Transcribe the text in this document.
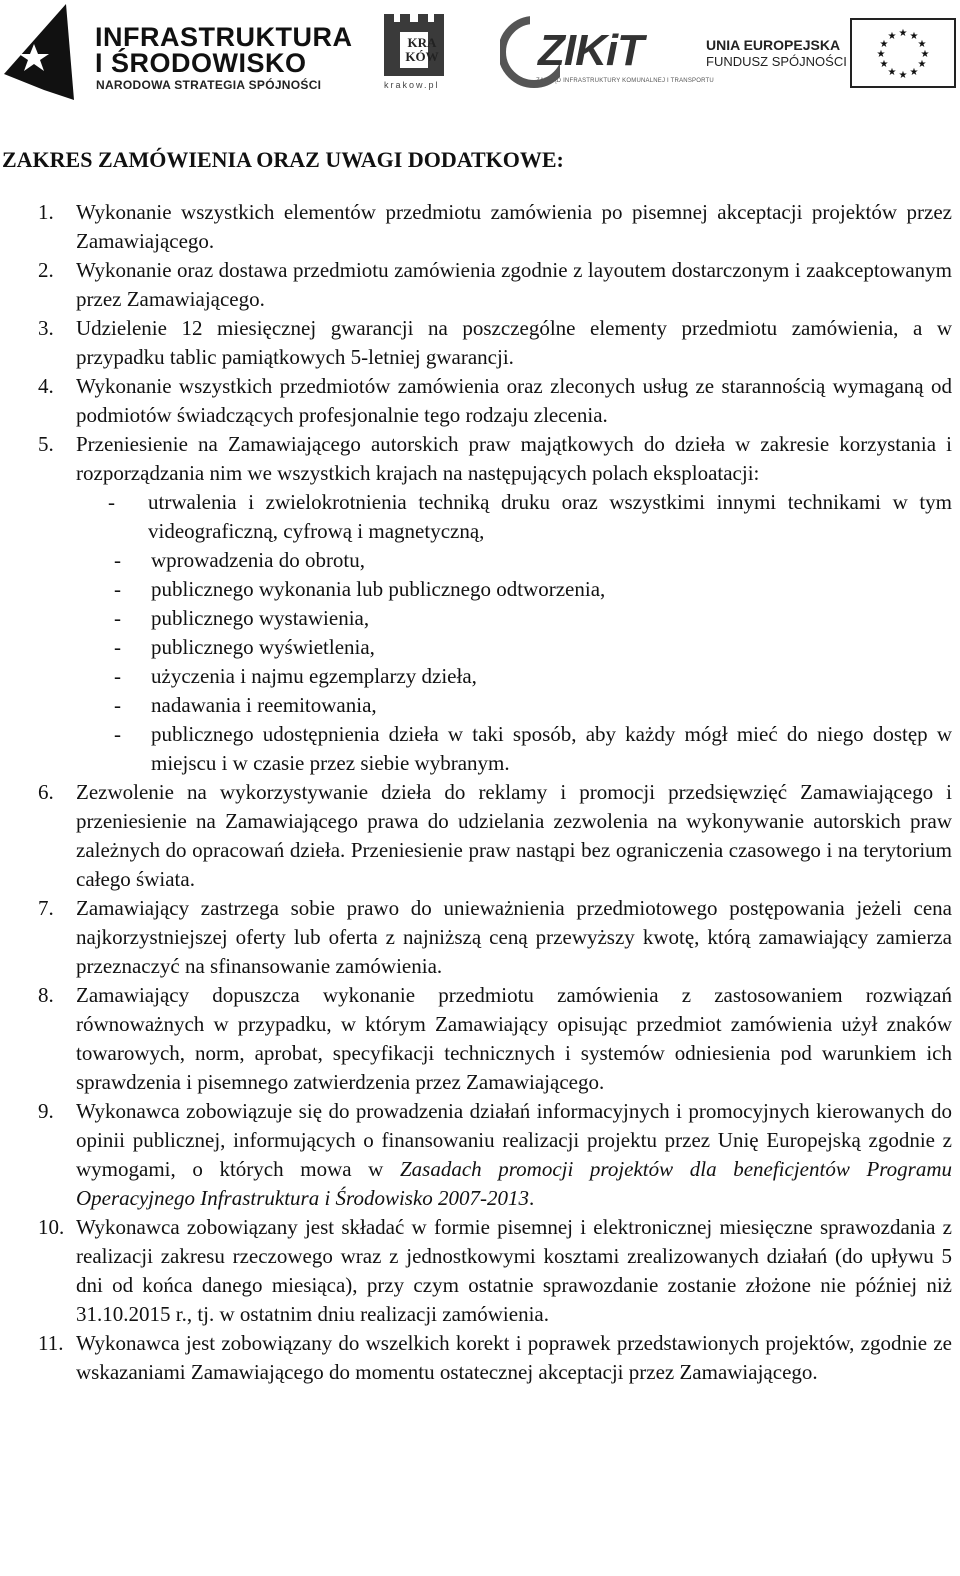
INFRASTRUKTURA
I ŚRODOWISKO
NARODOWA STRATEGIA SPÓJNOŚCI
KRA KÓW
krakow.pl
ZIKiT
ZARZĄD INFRASTRUKTURY KOMUNALNEJ I TRANSPORTU
UNIA EUROPEJSKA
FUNDUSZ SPÓJNOŚCI
★ ★
★
★
★
★
★
★
★
★
★
★
ZAKRES ZAMÓWIENIA ORAZ UWAGI DODATKOWE:
1. Wykonanie wszystkich elementów przedmiotu zamówienia po pisemnej akceptacji projektów przez Zamawiającego.
2. Wykonanie oraz dostawa przedmiotu zamówienia zgodnie z layoutem dostarczonym i zaakceptowanym przez Zamawiającego.
3. Udzielenie 12 miesięcznej gwarancji na poszczególne elementy przedmiotu zamówienia, a w przypadku tablic pamiątkowych 5-letniej gwarancji.
4. Wykonanie wszystkich przedmiotów zamówienia oraz zleconych usług ze starannością wymaganą od podmiotów świadczących profesjonalnie tego rodzaju zlecenia.
5. Przeniesienie na Zamawiającego autorskich praw majątkowych do dzieła w zakresie korzystania i rozporządzania nim we wszystkich krajach na następujących polach eksploatacji:
- utrwalenia i zwielokrotnienia techniką druku oraz wszystkimi innymi technikami w tym videograficzną, cyfrową i magnetyczną,
- wprowadzenia do obrotu,
- publicznego wykonania lub publicznego odtworzenia,
- publicznego wystawienia,
- publicznego wyświetlenia,
- użyczenia i najmu egzemplarzy dzieła,
- nadawania i reemitowania,
- publicznego udostępnienia dzieła w taki sposób, aby każdy mógł mieć do niego dostęp w miejscu i w czasie przez siebie wybranym.
6. Zezwolenie na wykorzystywanie dzieła do reklamy i promocji przedsięwzięć Zamawiającego i przeniesienie na Zamawiającego prawa do udzielania zezwolenia na wykonywanie autorskich praw zależnych do opracowań dzieła. Przeniesienie praw nastąpi bez ograniczenia czasowego i na terytorium całego świata.
7. Zamawiający zastrzega sobie prawo do unieważnienia przedmiotowego postępowania jeżeli cena najkorzystniejszej oferty lub oferta z najniższą ceną przewyższy kwotę, którą zamawiający zamierza przeznaczyć na sfinansowanie zamówienia.
8. Zamawiający dopuszcza wykonanie przedmiotu zamówienia z zastosowaniem rozwiązań równoważnych w przypadku, w którym Zamawiający opisując przedmiot zamówienia użył znaków towarowych, norm, aprobat, specyfikacji technicznych i systemów odniesienia pod warunkiem ich sprawdzenia i pisemnego zatwierdzenia przez Zamawiającego.
9. Wykonawca zobowiązuje się do prowadzenia działań informacyjnych i promocyjnych kierowanych do opinii publicznej, informujących o finansowaniu realizacji projektu przez Unię Europejską zgodnie z wymogami, o których mowa w Zasadach promocji projektów dla beneficjentów Programu Operacyjnego Infrastruktura i Środowisko 2007-2013.
10. Wykonawca zobowiązany jest składać w formie pisemnej i elektronicznej miesięczne sprawozdania z realizacji zakresu rzeczowego wraz z jednostkowymi kosztami zrealizowanych działań (do upływu 5 dni od końca danego miesiąca), przy czym ostatnie sprawozdanie zostanie złożone nie później niż 31.10.2015 r., tj. w ostatnim dniu realizacji zamówienia.
11. Wykonawca jest zobowiązany do wszelkich korekt i poprawek przedstawionych projektów, zgodnie ze wskazaniami Zamawiającego do momentu ostatecznej akceptacji przez Zamawiającego.
